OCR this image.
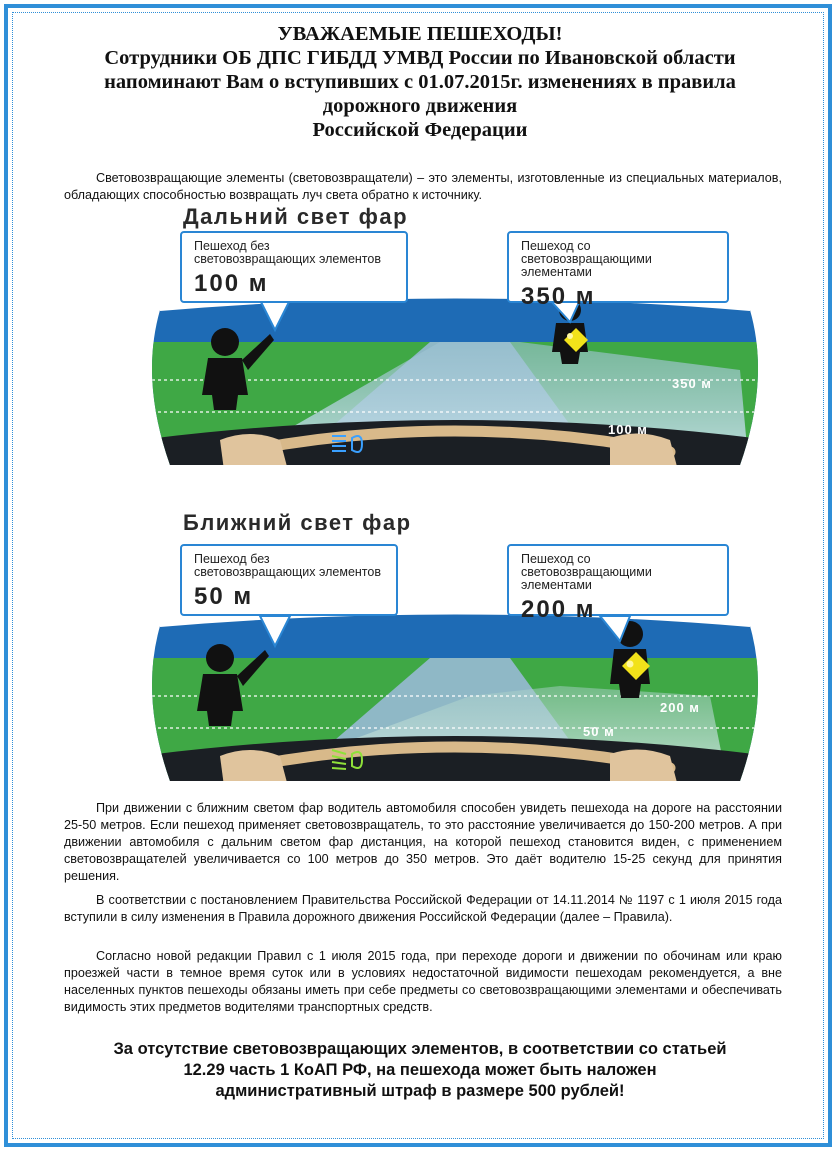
УВАЖАЕМЫЕ ПЕШЕХОДЫ!
Сотрудники ОБ ДПС ГИБДД УМВД России по Ивановской области
напоминают Вам о вступивших с 01.07.2015г. изменениях в правила
дорожного движения
Российской Федерации
Световозвращающие элементы (световозвращатели) – это элементы, изготовленные из специальных материалов, обладающих способностью возвращать луч света обратно к источнику.
Дальний свет фар
Пешеход без световозвращающих элементов
100 м
Пешеход со световозвращающими элементами
350 м
350 м
100 м
Ближний свет фар
Пешеход без световозвращающих элементов
50 м
Пешеход со световозвращающими элементами
200 м
200 м
50 м
При движении с ближним светом фар водитель автомобиля способен увидеть пешехода на дороге на расстоянии 25-50 метров. Если пешеход применяет световозвращатель, то это расстояние увеличивается до 150-200 метров. А при движении автомобиля с дальним светом фар дистанция, на которой пешеход становится виден, с применением световозвращателей увеличивается со 100 метров до 350 метров. Это даёт водителю 15-25 секунд для принятия решения.
В соответствии с постановлением Правительства Российской Федерации от 14.11.2014 № 1197 с 1 июля 2015 года вступили в силу изменения в Правила дорожного движения Российской Федерации (далее – Правила).
Согласно новой редакции Правил с 1 июля 2015 года, при переходе дороги и движении по обочинам или краю проезжей части в темное время суток или в условиях недостаточной видимости пешеходам рекомендуется, а вне населенных пунктов пешеходы обязаны иметь при себе предметы со световозвращающими элементами и обеспечивать видимость этих предметов водителями транспортных средств.
За отсутствие световозвращающих элементов, в соответствии со статьей
12.29 часть 1 КоАП РФ, на пешехода может быть наложен
административный штраф в размере 500 рублей!
